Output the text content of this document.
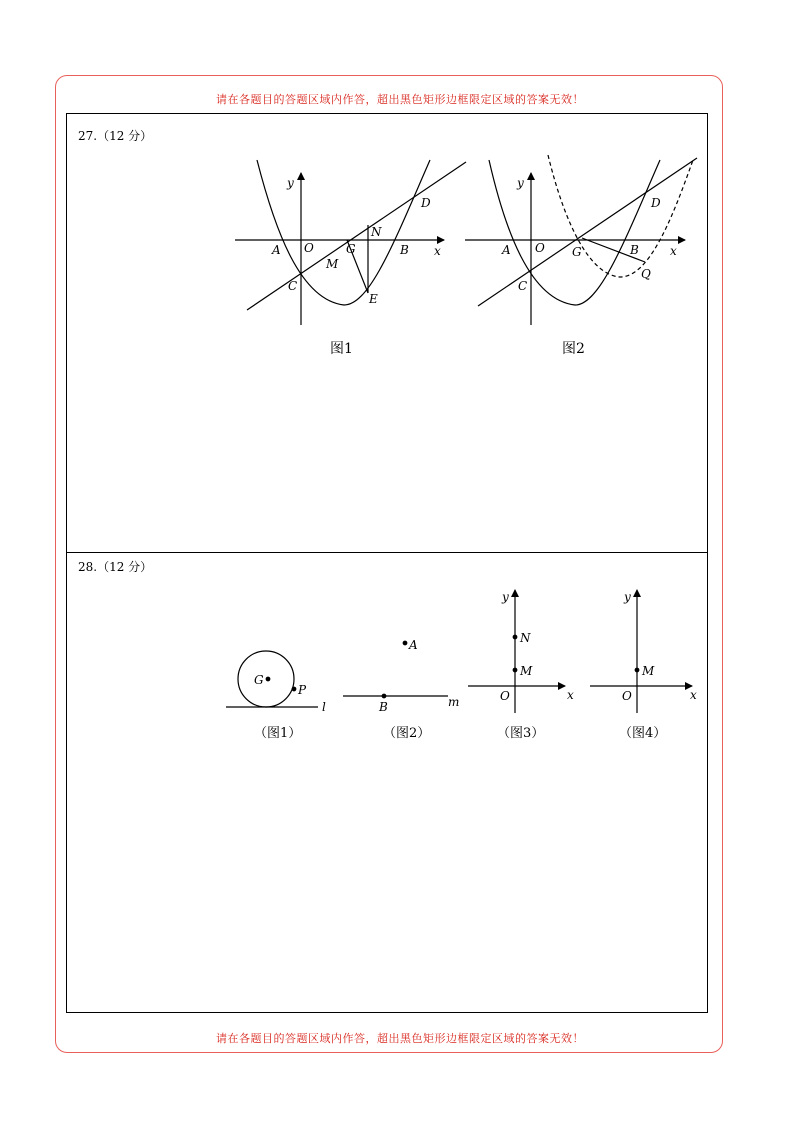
请在各题目的答题区域内作答，超出黑色矩形边框限定区域的答案无效！
27.（12 分）
28.（12 分）
y
x
A O	G
N
B
D
M
C
E
图1
y
x
A O G	B
D
C
Q
图2
G
P
l
（图1）
A
B	m
（图2）
y
x
N
M
O
（图3）
y
x
M
O
（图4）
请在各题目的答题区域内作答，超出黑色矩形边框限定区域的答案无效！
